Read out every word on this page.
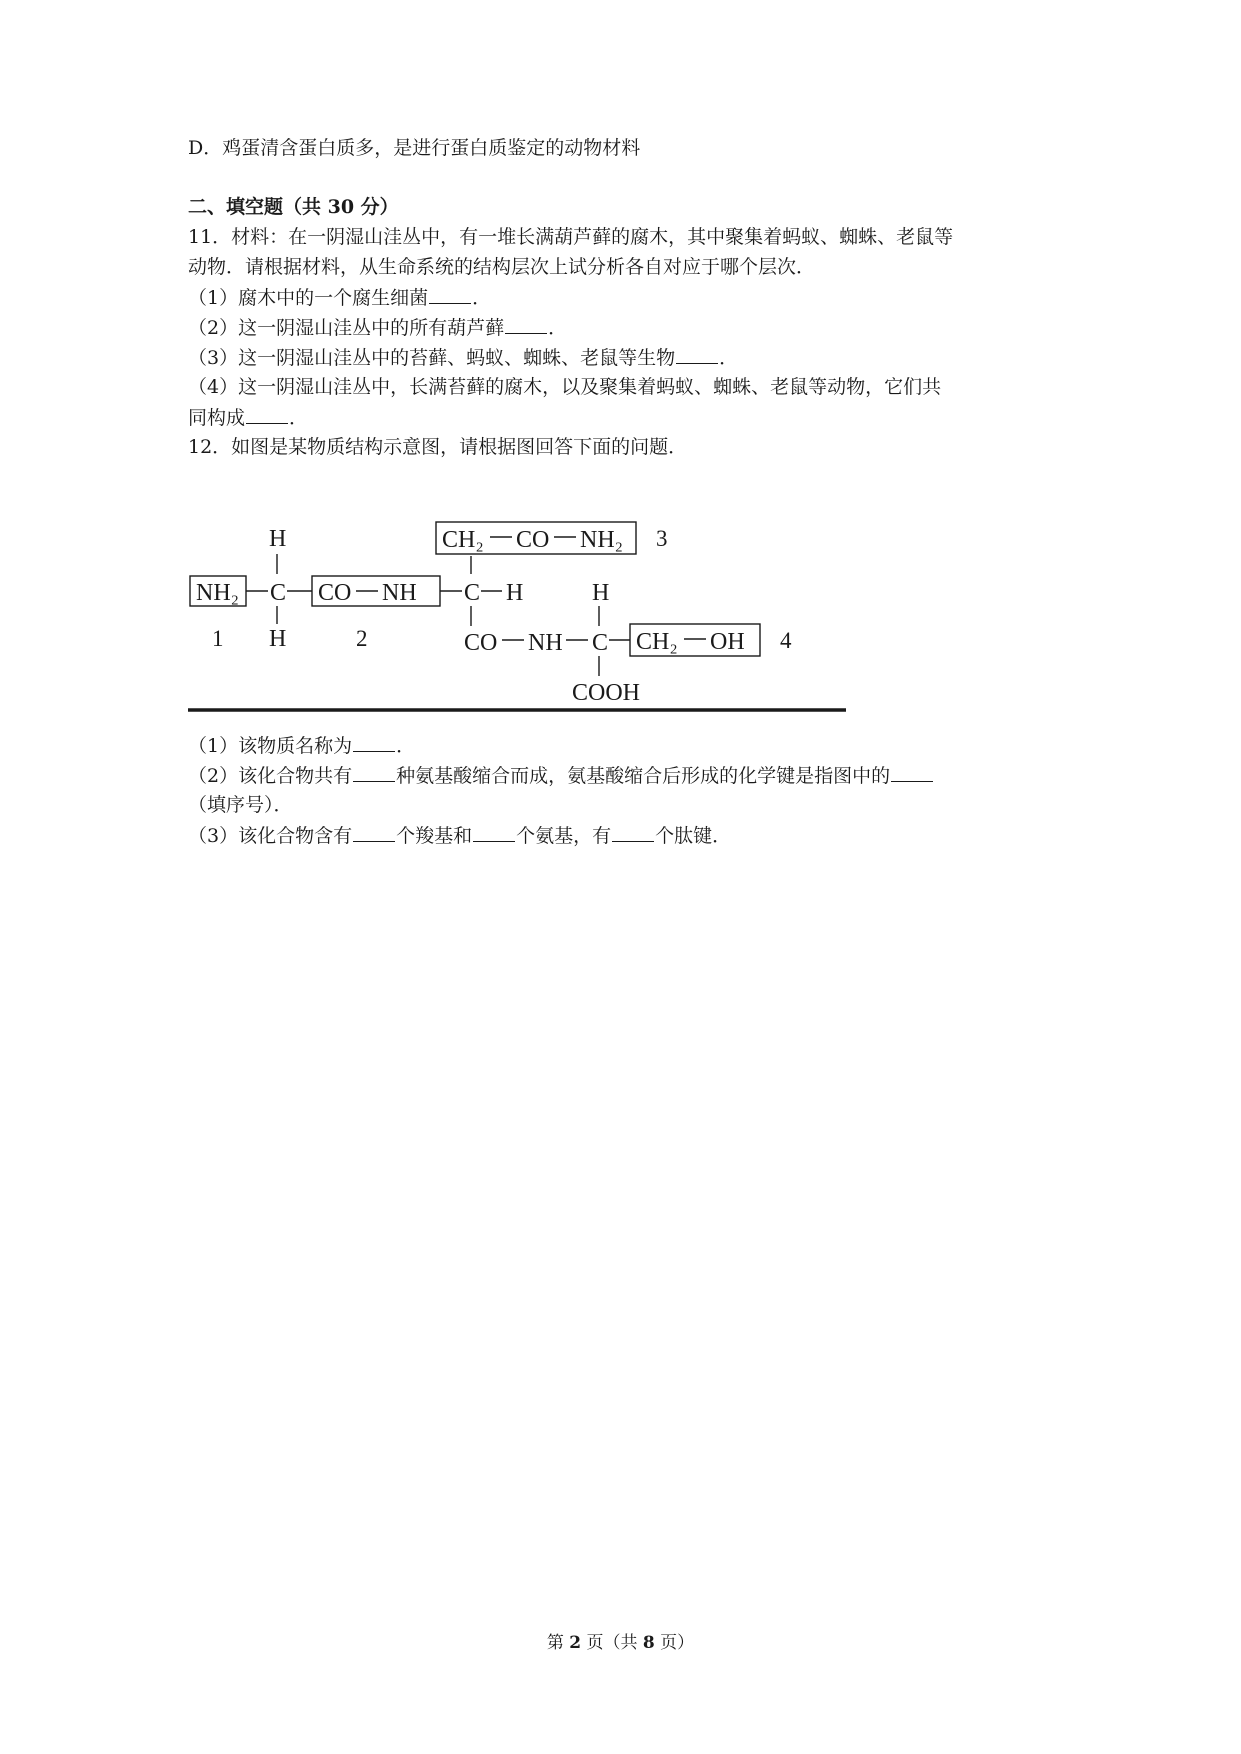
D．鸡蛋清含蛋白质多，是进行蛋白质鉴定的动物材料
二、填空题（共 30 分）
11．材料：在一阴湿山洼丛中，有一堆长满葫芦藓的腐木，其中聚集着蚂蚁、蜘蛛、老鼠等
动物．请根据材料，从生命系统的结构层次上试分析各自对应于哪个层次．
（1）腐木中的一个腐生细菌 ．
（2）这一阴湿山洼丛中的所有葫芦藓 ．
（3）这一阴湿山洼丛中的苔藓、蚂蚁、蜘蛛、老鼠等生物 ．
（4）这一阴湿山洼丛中，长满苔藓的腐木，以及聚集着蚂蚁、蜘蛛、老鼠等动物，它们共
同构成 ．
12．如图是某物质结构示意图，请根据图回答下面的问题．
NH₂
1
C
H
H
CO NH
2
C H
CH₂ CO NH₂ 3
CO NH C
H
COOH
CH₂ OH 4
（1）该物质名称为 ．
（2）该化合物共有 种氨基酸缩合而成，氨基酸缩合后形成的化学键是指图中的
（填序号）．
（3）该化合物含有 个羧基和 个氨基，有 个肽键．
第 2 页（共 8 页）
